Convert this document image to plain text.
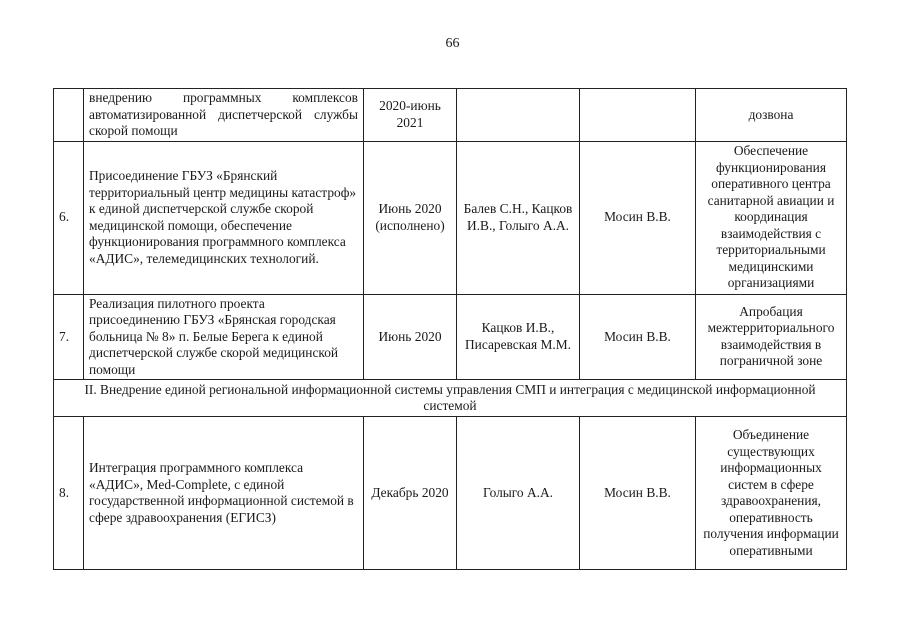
66
	внедрению программных комплексов автоматизированной диспетчерской службы скорой помощи	2020-июнь 2021			дозвона
6.	Присоединение ГБУЗ «Брянский территориальный центр медицины катастроф» к единой диспетчерской службе скорой медицинской помощи, обеспечение функционирования программного комплекса «АДИС», телемедицинских технологий.	Июнь 2020 (исполнено)	Балев С.Н., Кацков И.В., Голыго А.А.	Мосин В.В.	Обеспечение функционирования оперативного центра санитарной авиации и координация взаимодействия с территориальными медицинскими организациями
7.	Реализация пилотного проекта присоединению ГБУЗ «Брянская городская больница № 8» п. Белые Берега к единой диспетчерской службе скорой медицинской помощи	Июнь 2020	Кацков И.В., Писаревская М.М.	Мосин В.В.	Апробация межтерриториального взаимодействия в пограничной зоне
II. Внедрение единой региональной информационной системы управления СМП и интеграция с медицинской информационной системой					
8.	Интеграция программного комплекса «АДИС», Med-Complete, с единой государственной информационной системой в сфере здравоохранения (ЕГИСЗ)	Декабрь 2020	Голыго А.А.	Мосин В.В.	Объединение существующих информационных систем в сфере здравоохранения, оперативность получения информации оперативными
